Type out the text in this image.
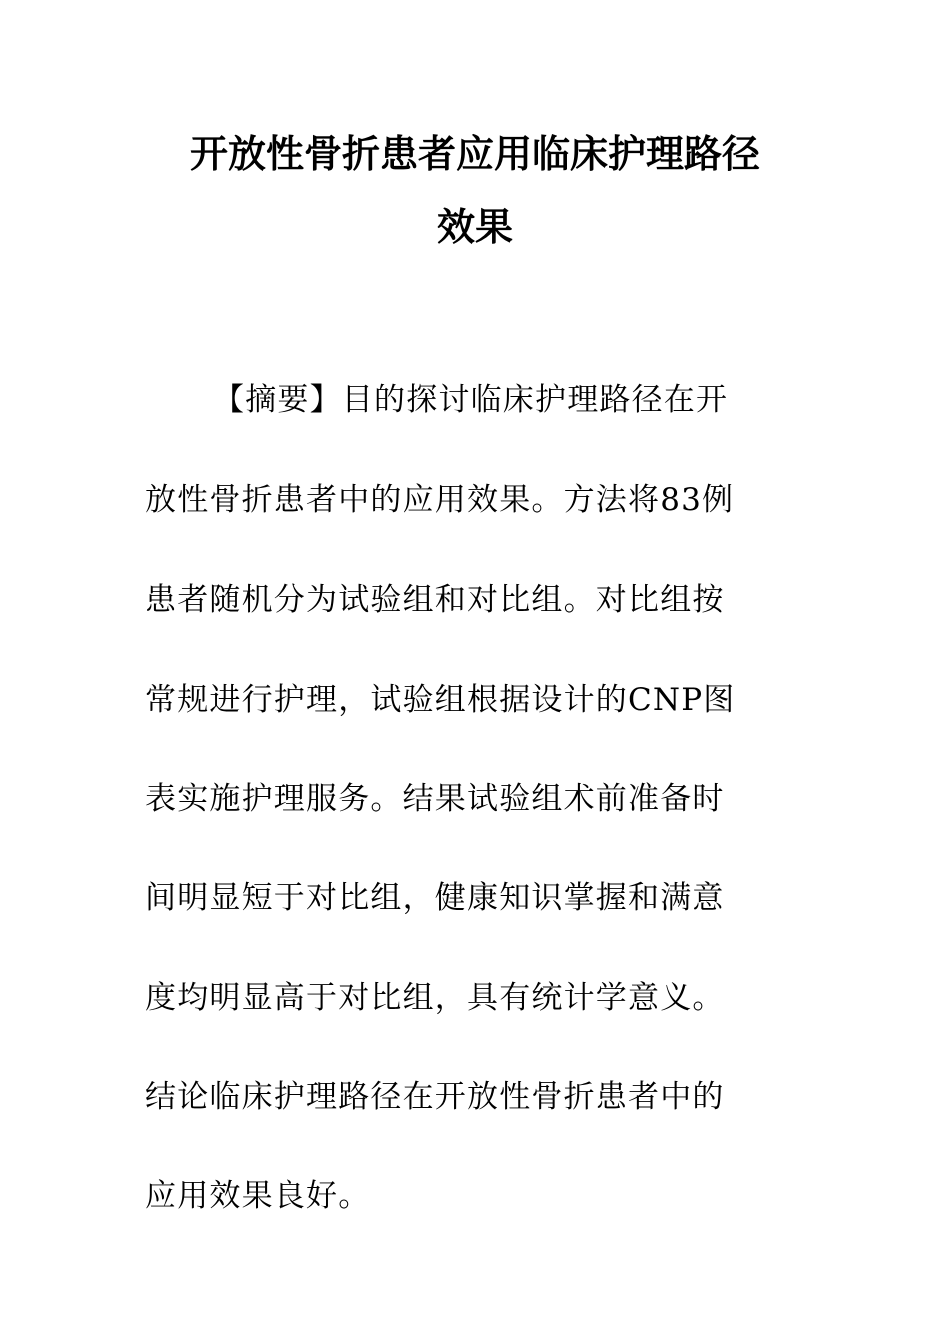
开放性骨折患者应用临床护理路径
效果
【摘要】目的探讨临床护理路径在开
放性骨折患者中的应用效果。方法将83例
患者随机分为试验组和对比组。对比组按
常规进行护理，试验组根据设计的CNP图
表实施护理服务。结果试验组术前准备时
间明显短于对比组，健康知识掌握和满意
度均明显高于对比组，具有统计学意义。
结论临床护理路径在开放性骨折患者中的
应用效果良好。
